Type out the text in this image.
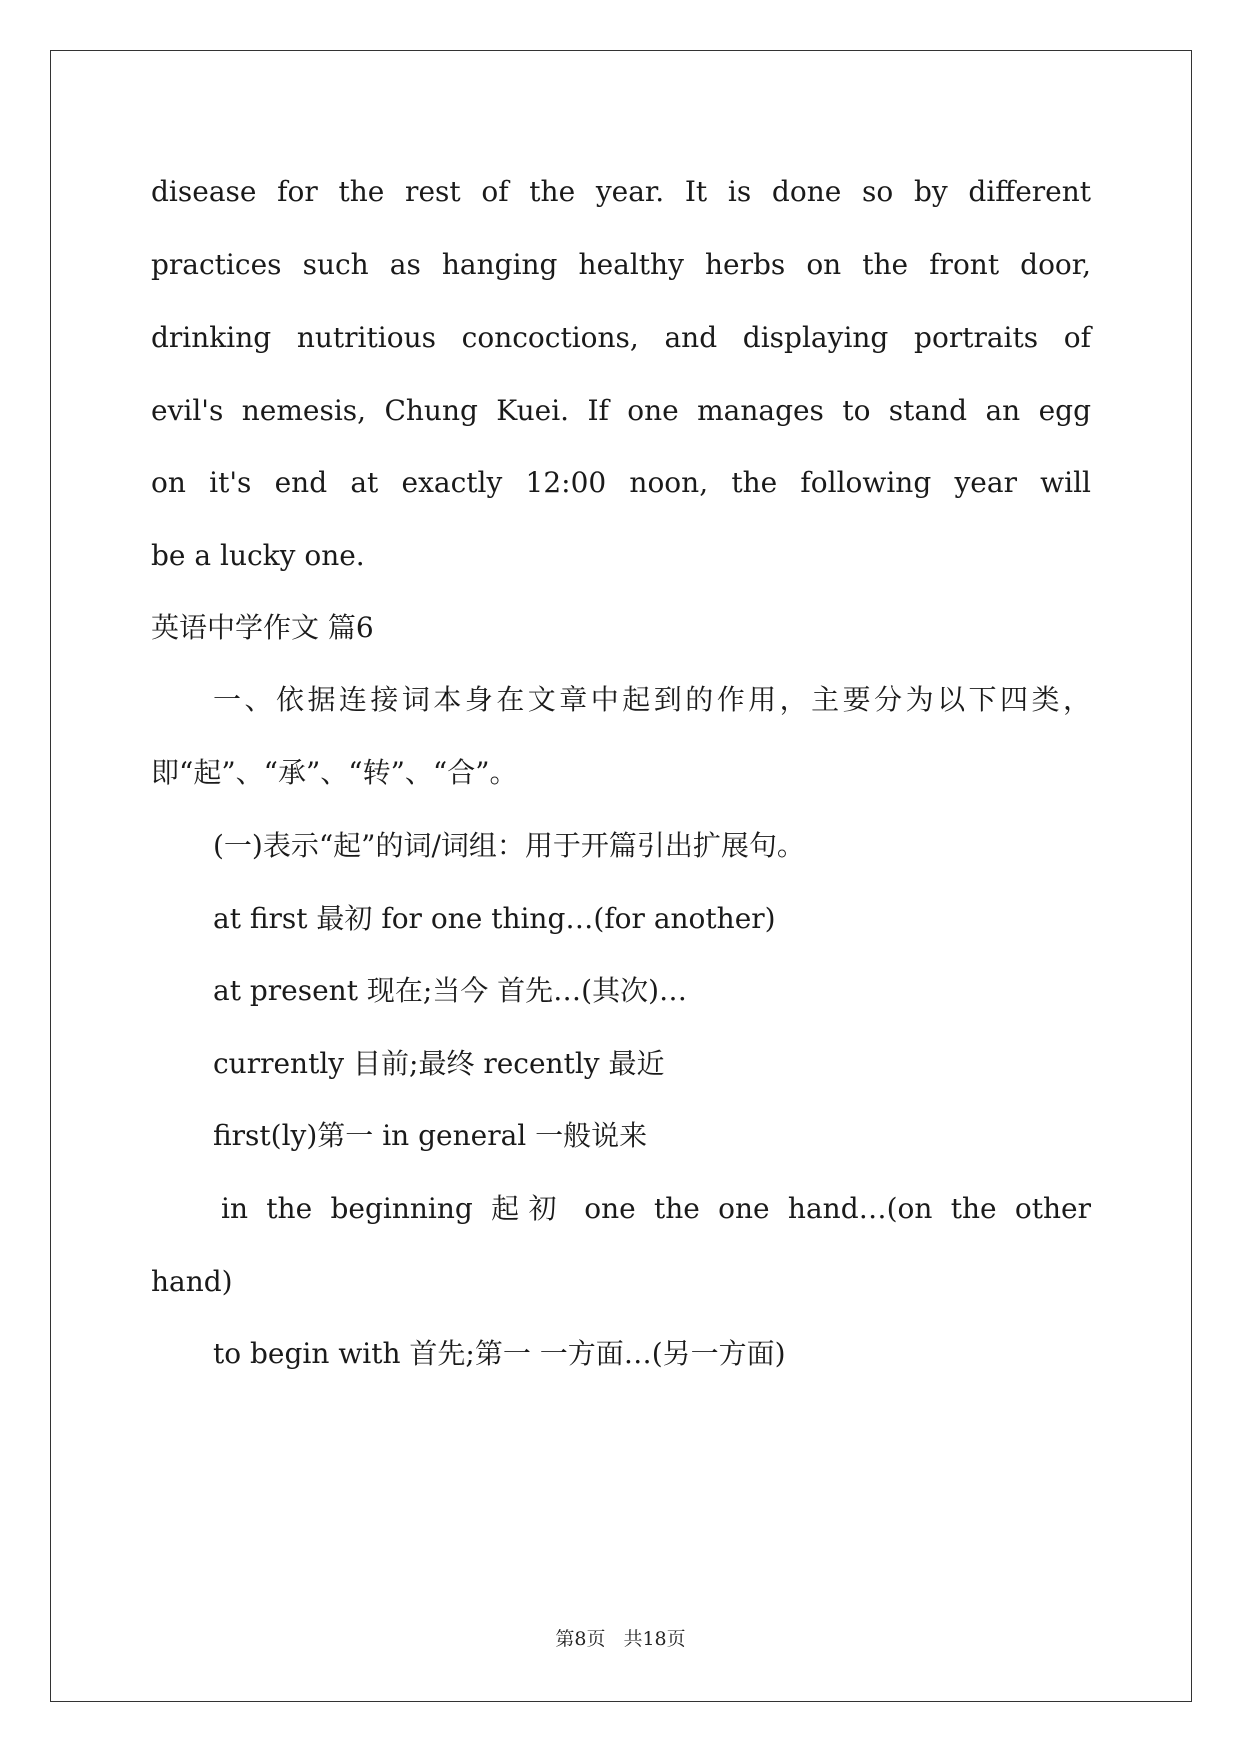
disease for the rest of the year. It is done so by different
practices such as hanging healthy herbs on the front door,
drinking nutritious concoctions, and displaying portraits of
evil's nemesis, Chung Kuei. If one manages to stand an egg
on it's end at exactly 12:00 noon, the following year will
be a lucky one.
英语中学作文 篇6
一、依据连接词本身在文章中起到的作用，主要分为以下四类，
即“起”、“承”、“转”、“合”。
(一)表示“起”的词/词组：用于开篇引出扩展句。
at first 最初 for one thing…(for another)
at present 现在;当今 首先…(其次)…
currently 目前;最终 recently 最近
first(ly)第一 in general 一般说来
in the beginning 起初 one the one hand…(on the other
hand)
to begin with 首先;第一 一方面…(另一方面)
第8页 共18页
